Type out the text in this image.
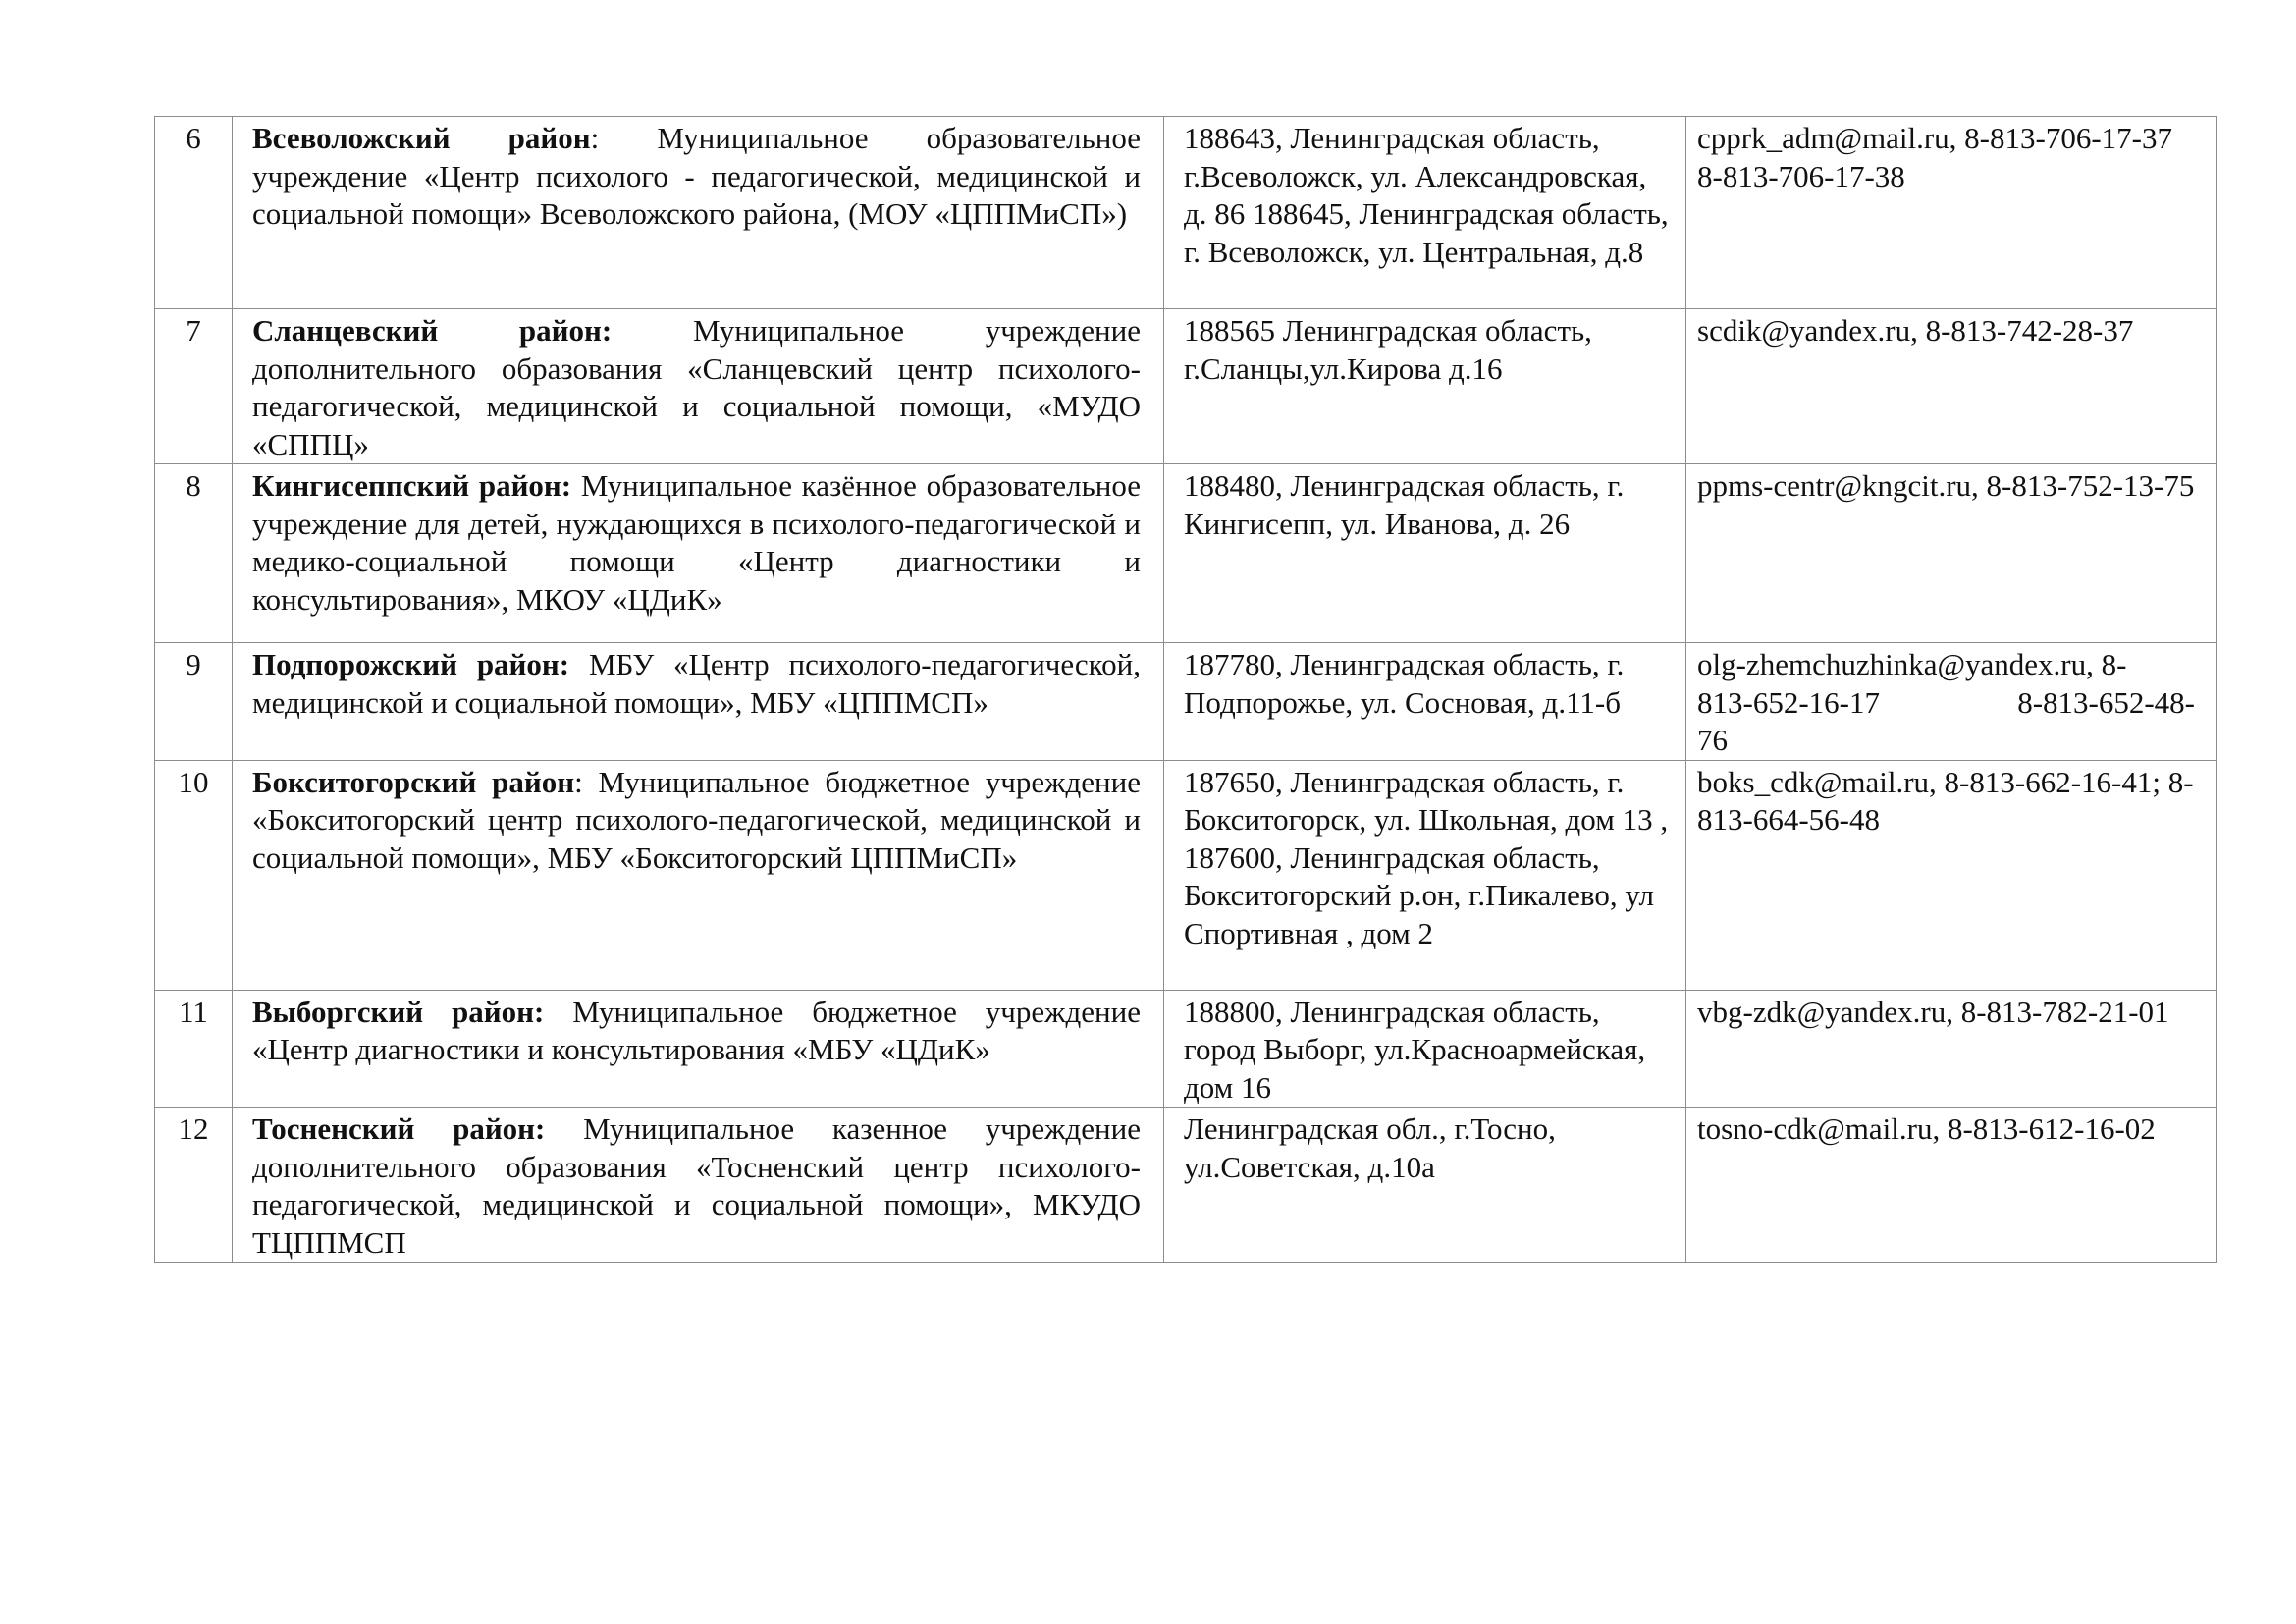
6	Всеволожский район: Муниципальное образовательное учреждение «Центр психолого - педагогической, медицинской и социальной помощи» Всеволожского района, (МОУ «ЦППМиСП»)	188643, Ленинградская область, г.Всеволожск, ул. Александровская, д. 86 188645, Ленинградская область, г. Всеволожск, ул. Центральная, д.8	cpprk_adm@mail.ru, 8-813-706-17-37
8-813-706-17-38

7	Сланцевский район: Муниципальное учреждение дополнительного образования «Сланцевский центр психолого-педагогической, медицинской и социальной помощи, «МУДО «СППЦ»	188565 Ленинградская область, г.Сланцы,ул.Кирова д.16	scdik@yandex.ru, 8-813-742-28-37

8	Кингисеппский район: Муниципальное казённое образовательное учреждение для детей, нуждающихся в психолого-педагогической и медико-социальной помощи «Центр диагностики и консультирования», МКОУ «ЦДиК»	188480, Ленинградская область, г. Кингисепп, ул. Иванова, д. 26	ppms-centr@kngcit.ru, 8-813-752-13-75

9	Подпорожский район: МБУ «Центр психолого-педагогической, медицинской и социальной помощи», МБУ «ЦППМСП»	187780, Ленинградская область, г. Подпорожье, ул. Сосновая, д.11-б	olg-zhemchuzhinka@yandex.ru, 8-
813-652-16-17 8-813-652-48-
76

10	Бокситогорский район: Муниципальное бюджетное учреждение «Бокситогорский центр психолого-педагогической, медицинской и социальной помощи», МБУ «Бокситогорский ЦППМиСП»	187650, Ленинградская область, г. Бокситогорск, ул. Школьная, дом 13 , 187600, Ленинградская область, Бокситогорский р.он, г.Пикалево, ул Спортивная , дом 2	boks_cdk@mail.ru, 8-813-662-16-41; 8-813-664-56-48

11	Выборгский район: Муниципальное бюджетное учреждение «Центр диагностики и консультирования «МБУ «ЦДиК»	188800, Ленинградская область, город Выборг, ул.Красноармейская, дом 16	vbg-zdk@yandex.ru, 8-813-782-21-01

12	Тосненский район: Муниципальное казенное учреждение дополнительного образования «Тосненский центр психолого-педагогической, медицинской и социальной помощи», МКУДО ТЦППМСП	Ленинградская обл., г.Тосно, ул.Советская, д.10а	tosno-cdk@mail.ru, 8-813-612-16-02
